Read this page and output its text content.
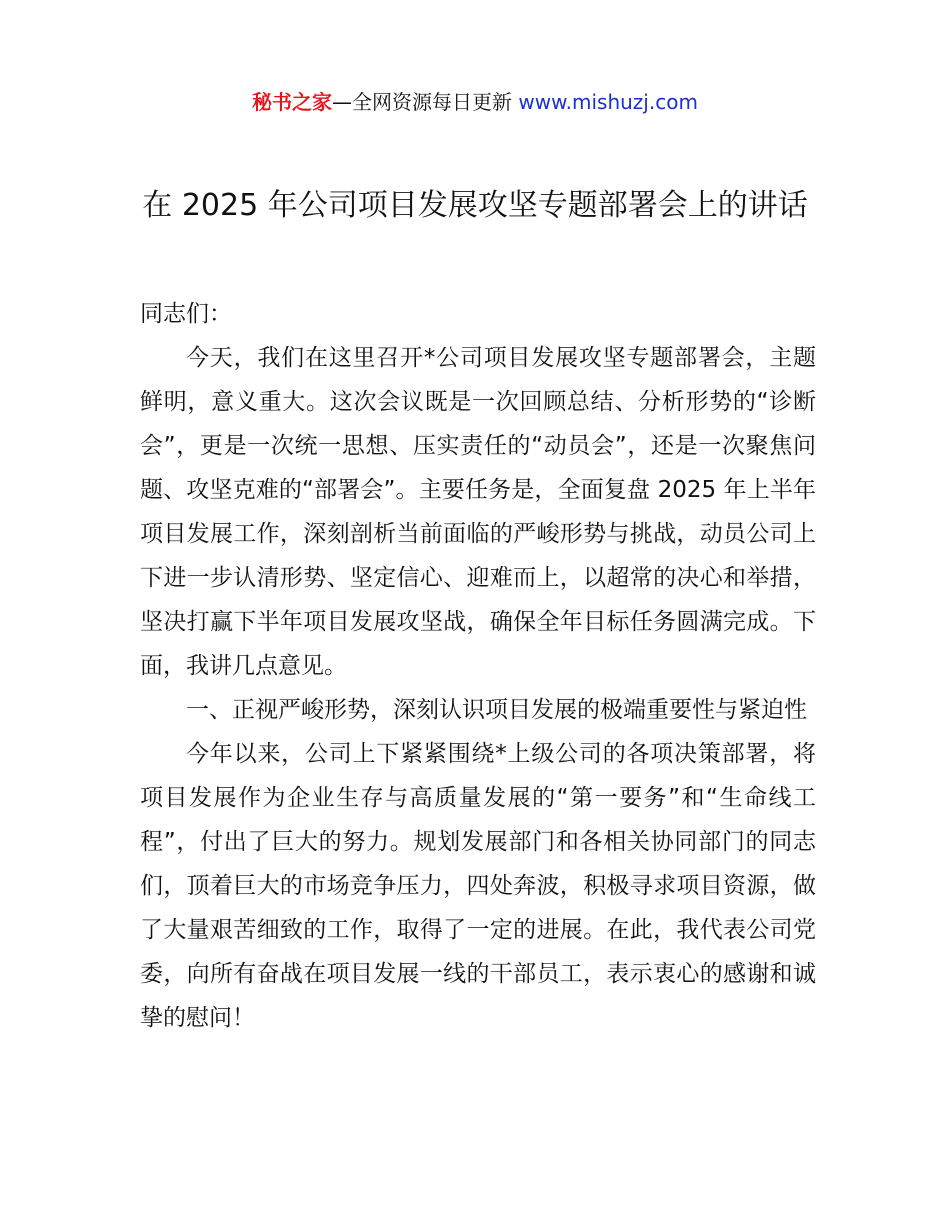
秘书之家—全网资源每日更新 www.mishuzj.com
在 2025 年公司项目发展攻坚专题部署会上的讲话

同志们：

今天，我们在这里召开*公司项目发展攻坚专题部署会，主题鲜明，意义重大。这次会议既是一次回顾总结、分析形势的“诊断会”，更是一次统一思想、压实责任的“动员会”，还是一次聚焦问题、攻坚克难的“部署会”。主要任务是，全面复盘 2025 年上半年项目发展工作，深刻剖析当前面临的严峻形势与挑战，动员公司上下进一步认清形势、坚定信心、迎难而上，以超常的决心和举措，坚决打赢下半年项目发展攻坚战，确保全年目标任务圆满完成。下面，我讲几点意见。

一、正视严峻形势，深刻认识项目发展的极端重要性与紧迫性

今年以来，公司上下紧紧围绕*上级公司的各项决策部署，将项目发展作为企业生存与高质量发展的“第一要务”和“生命线工程”，付出了巨大的努力。规划发展部门和各相关协同部门的同志们，顶着巨大的市场竞争压力，四处奔波，积极寻求项目资源，做了大量艰苦细致的工作，取得了一定的进展。在此，我代表公司党委，向所有奋战在项目发展一线的干部员工，表示衷心的感谢和诚挚的慰问！
